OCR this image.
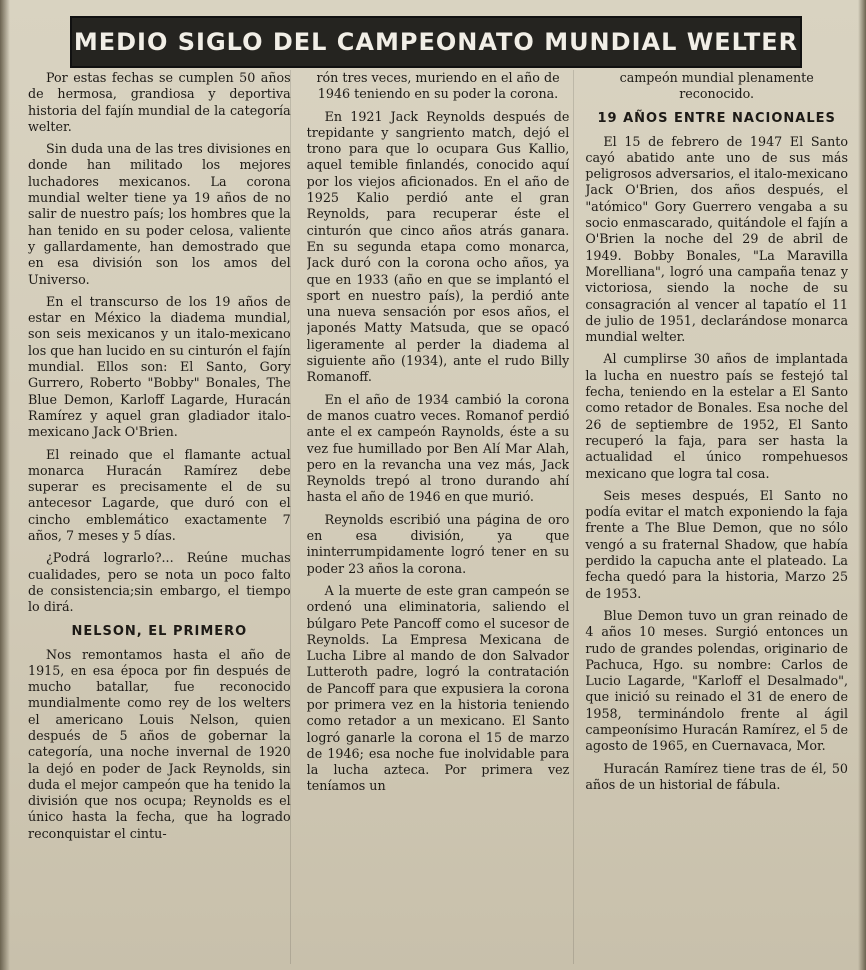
MEDIO SIGLO DEL CAMPEONATO MUNDIAL WELTER

Por estas fechas se cumplen 50 años de hermosa, grandiosa y deportiva historia del fajín mundial de la categoría welter.

Sin duda una de las tres divisiones en donde han militado los mejores luchadores mexicanos. La corona mundial welter tiene ya 19 años de no salir de nuestro país; los hombres que la han tenido en su poder celosa, valiente y gallardamente, han demostrado que en esa división son los amos del Universo.

En el transcurso de los 19 años de estar en México la diadema mundial, son seis mexicanos y un italo-mexicano los que han lucido en su cinturón el fajín mundial. Ellos son: El Santo, Gory Gurrero, Roberto "Bobby" Bonales, The Blue Demon, Karloff Lagarde, Huracán Ramírez y aquel gran gladiador italo-mexicano Jack O'Brien.

El reinado que el flamante actual monarca Huracán Ramírez debe superar es precisamente el de su antecesor Lagarde, que duró con el cincho emblemático exactamente 7 años, 7 meses y 5 días.

¿Podrá lograrlo?... Reúne muchas cualidades, pero se nota un poco falto de consistencia;sin embargo, el tiempo lo dirá.

NELSON, EL PRIMERO

Nos remontamos hasta el año de 1915, en esa época por fin después de mucho batallar, fue reconocido mundialmente como rey de los welters el americano Louis Nelson, quien después de 5 años de gobernar la categoría, una noche invernal de 1920 la dejó en poder de Jack Reynolds, sin duda el mejor campeón que ha tenido la división que nos ocupa; Reynolds es el único hasta la fecha, que ha logrado reconquistar el cintu-

rón tres veces, muriendo en el año de 1946 teniendo en su poder la corona.

En 1921 Jack Reynolds después de trepidante y sangriento match, dejó el trono para que lo ocupara Gus Kallio, aquel temible finlandés, conocido aquí por los viejos aficionados. En el año de 1925 Kalio perdió ante el gran Reynolds, para recuperar éste el cinturón que cinco años atrás ganara. En su segunda etapa como monarca, Jack duró con la corona ocho años, ya que en 1933 (año en que se implantó el sport en nuestro país), la perdió ante una nueva sensación por esos años, el japonés Matty Matsuda, que se opacó ligeramente al perder la diadema al siguiente año (1934), ante el rudo Billy Romanoff.

En el año de 1934 cambió la corona de manos cuatro veces. Romanof perdió ante el ex campeón Raynolds, éste a su vez fue humillado por Ben Alí Mar Alah, pero en la revancha una vez más, Jack Reynolds trepó al trono durando ahí hasta el año de 1946 en que murió.

Reynolds escribió una página de oro en esa división, ya que ininterrumpidamente logró tener en su poder 23 años la corona.

A la muerte de este gran campeón se ordenó una eliminatoria, saliendo el búlgaro Pete Pancoff como el sucesor de Reynolds. La Empresa Mexicana de Lucha Libre al mando de don Salvador Lutteroth padre, logró la contratación de Pancoff para que expusiera la corona por primera vez en la historia teniendo como retador a un mexicano. El Santo logró ganarle la corona el 15 de marzo de 1946; esa noche fue inolvidable para la lucha azteca. Por primera vez teníamos un

campeón mundial plenamente reconocido.

19 AÑOS ENTRE NACIONALES

El 15 de febrero de 1947 El Santo cayó abatido ante uno de sus más peligrosos adversarios, el italo-mexicano Jack O'Brien, dos años después, el "atómico" Gory Guerrero vengaba a su socio enmascarado, quitándole el fajín a O'Brien la noche del 29 de abril de 1949. Bobby Bonales, "La Maravilla Morelliana", logró una campaña tenaz y victoriosa, siendo la noche de su consagración al vencer al tapatío el 11 de julio de 1951, declarándose monarca mundial welter.

Al cumplirse 30 años de implantada la lucha en nuestro país se festejó tal fecha, teniendo en la estelar a El Santo como retador de Bonales. Esa noche del 26 de septiembre de 1952, El Santo recuperó la faja, para ser hasta la actualidad el único rompehuesos mexicano que logra tal cosa.

Seis meses después, El Santo no podía evitar el match exponiendo la faja frente a The Blue Demon, que no sólo vengó a su fraternal Shadow, que había perdido la capucha ante el plateado. La fecha quedó para la historia, Marzo 25 de 1953.

Blue Demon tuvo un gran reinado de 4 años 10 meses. Surgió entonces un rudo de grandes polendas, originario de Pachuca, Hgo. su nombre: Carlos de Lucio Lagarde, "Karloff el Desalmado", que inició su reinado el 31 de enero de 1958, terminándolo frente al ágil campeonísimo Huracán Ramírez, el 5 de agosto de 1965, en Cuernavaca, Mor.

Huracán Ramírez tiene tras de él, 50 años de un historial de fábula.
